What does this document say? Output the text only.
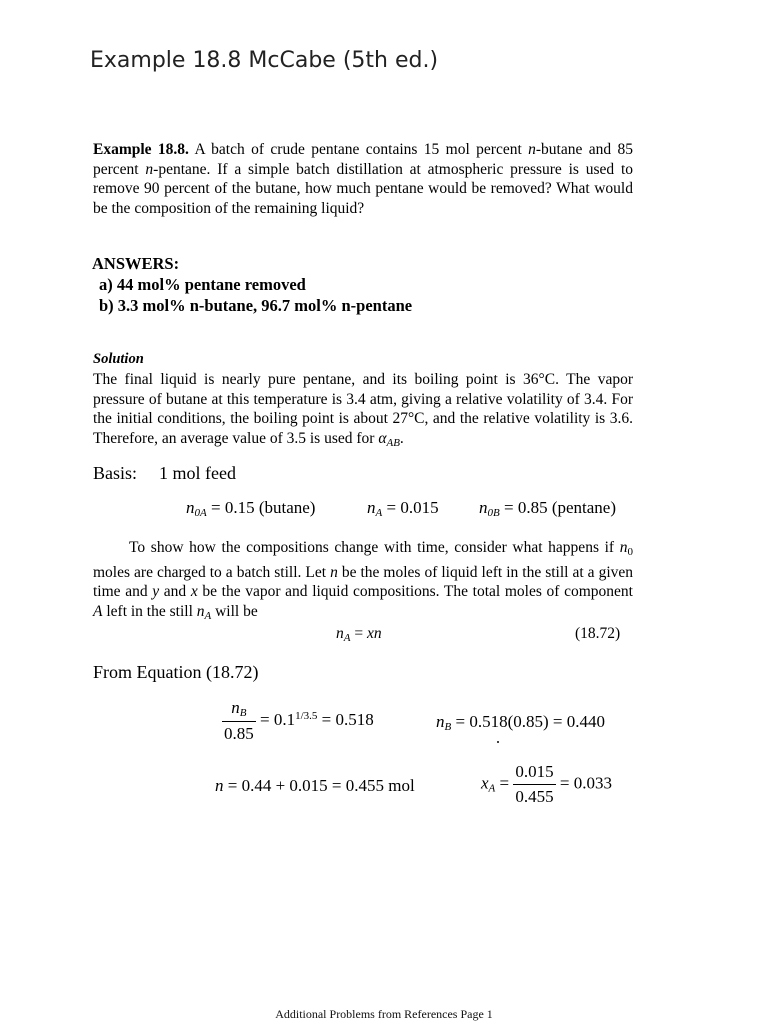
Example 18.8 McCabe (5th ed.)
Example 18.8. A batch of crude pentane contains 15 mol percent n-butane and 85 percent n-pentane. If a simple batch distillation at atmospheric pressure is used to remove 90 percent of the butane, how much pentane would be removed? What would be the composition of the remaining liquid?
ANSWERS:
a) 44 mol% pentane removed
b) 3.3 mol% n-butane, 96.7 mol% n-pentane
Solution
The final liquid is nearly pure pentane, and its boiling point is 36°C. The vapor pressure of butane at this temperature is 3.4 atm, giving a relative volatility of 3.4. For the initial conditions, the boiling point is about 27°C, and the relative volatility is 3.6. Therefore, an average value of 3.5 is used for $\alpha_{AB}$.
Basis: 1 mol feed
$n_{0A} = 0.15$ (butane)	$n_A = 0.015$ $n_{0B} = 0.85$ (pentane)
To show how the compositions change with time, consider what happens if $n_0$ moles are charged to a batch still. Let n be the moles of liquid left in the still at a given time and y and x be the vapor and liquid compositions. The total moles of component A left in the still $n_A$ will be
$n_A$ = xn	(18.72)
From Equation (18.72)
$\frac{n_B}{0.85} = 0.1^{1/3.5} = 0.518$	$n_B = 0.518(0.85) = 0.440$
n = 0.44 + 0.015 = 0.455 mol	$x_A = \frac{0.015}{0.455} = 0.033$
Additional Problems from References Page 1
